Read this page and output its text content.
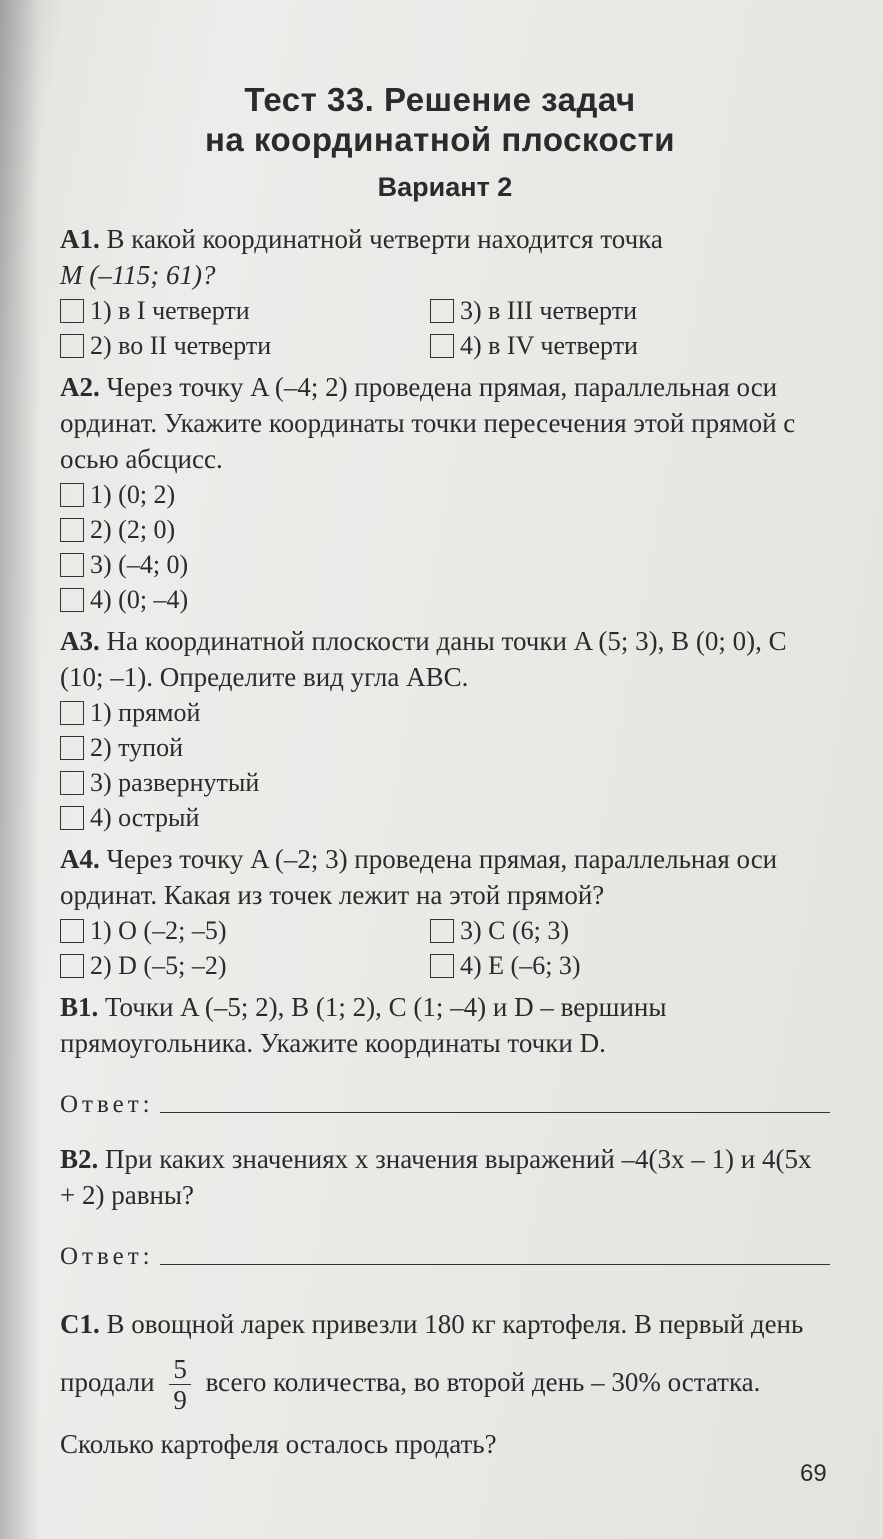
Тест 33. Решение задач
на координатной плоскости
Вариант 2
А1. В какой координатной четверти находится точка
M (–115; 61)?
1) в I четверти	3) в III четверти
2) во II четверти	4) в IV четверти
А2. Через точку A (–4; 2) проведена прямая, параллельная оси ординат. Укажите координаты точки пересечения этой прямой с осью абсцисс.
1) (0; 2)
2) (2; 0)
3) (–4; 0)
4) (0; –4)
А3. На координатной плоскости даны точки A (5; 3), B (0; 0), C (10; –1). Определите вид угла ABC.
1) прямой
2) тупой
3) развернутый
4) острый
А4. Через точку A (–2; 3) проведена прямая, параллельная оси ординат. Какая из точек лежит на этой прямой?
1) O (–2; –5)	3) C (6; 3)
2) D (–5; –2)	4) E (–6; 3)
В1. Точки A (–5; 2), B (1; 2), C (1; –4) и D – вершины прямоугольника. Укажите координаты точки D.
Ответ:
В2. При каких значениях x значения выражений –4(3x – 1) и 4(5x + 2) равны?
Ответ:
С1. В овощной ларек привезли 180 кг картофеля. В первый день продали $\frac{5}{9}$ всего количества, во второй день – 30% остатка. Сколько картофеля осталось продать?
69
